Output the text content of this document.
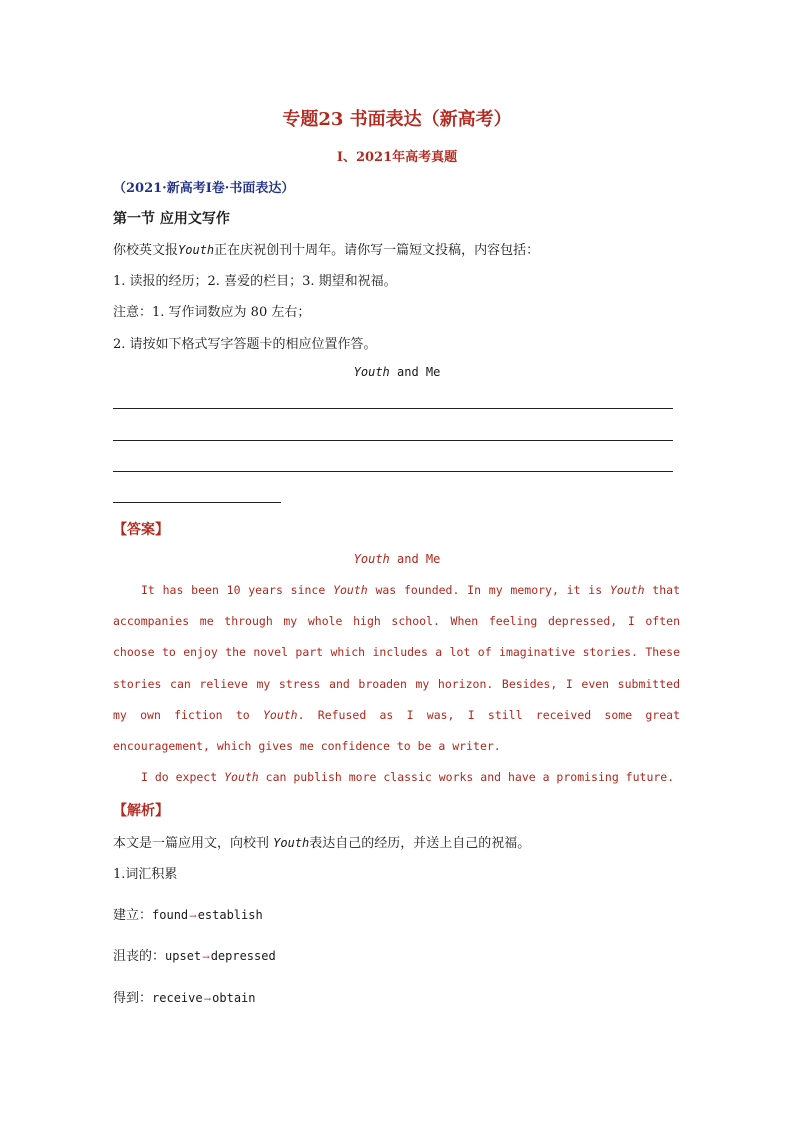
专题23 书面表达（新高考）
I、2021年高考真题
（2021·新高考I卷·书面表达）
第一节 应用文写作
你校英文报Youth正在庆祝创刊十周年。请你写一篇短文投稿，内容包括：
1. 读报的经历；2. 喜爱的栏目；3. 期望和祝福。
注意：1. 写作词数应为 80 左右；
2. 请按如下格式写字答题卡的相应位置作答。
Youth and Me
【答案】
Youth and Me

It has been 10 years since Youth was founded. In my memory, it is Youth that accompanies me through my whole high school. When feeling depressed, I often choose to enjoy the novel part which includes a lot of imaginative stories. These stories can relieve my stress and broaden my horizon. Besides, I even submitted my own fiction to Youth. Refused as I was, I still received some great encouragement, which gives me confidence to be a writer.

I do expect Youth can publish more classic works and have a promising future.

【解析】
本文是一篇应用文，向校刊 Youth表达自己的经历，并送上自己的祝福。
1.词汇积累
建立：found→establish
沮丧的：upset→depressed
得到：receive→obtain
